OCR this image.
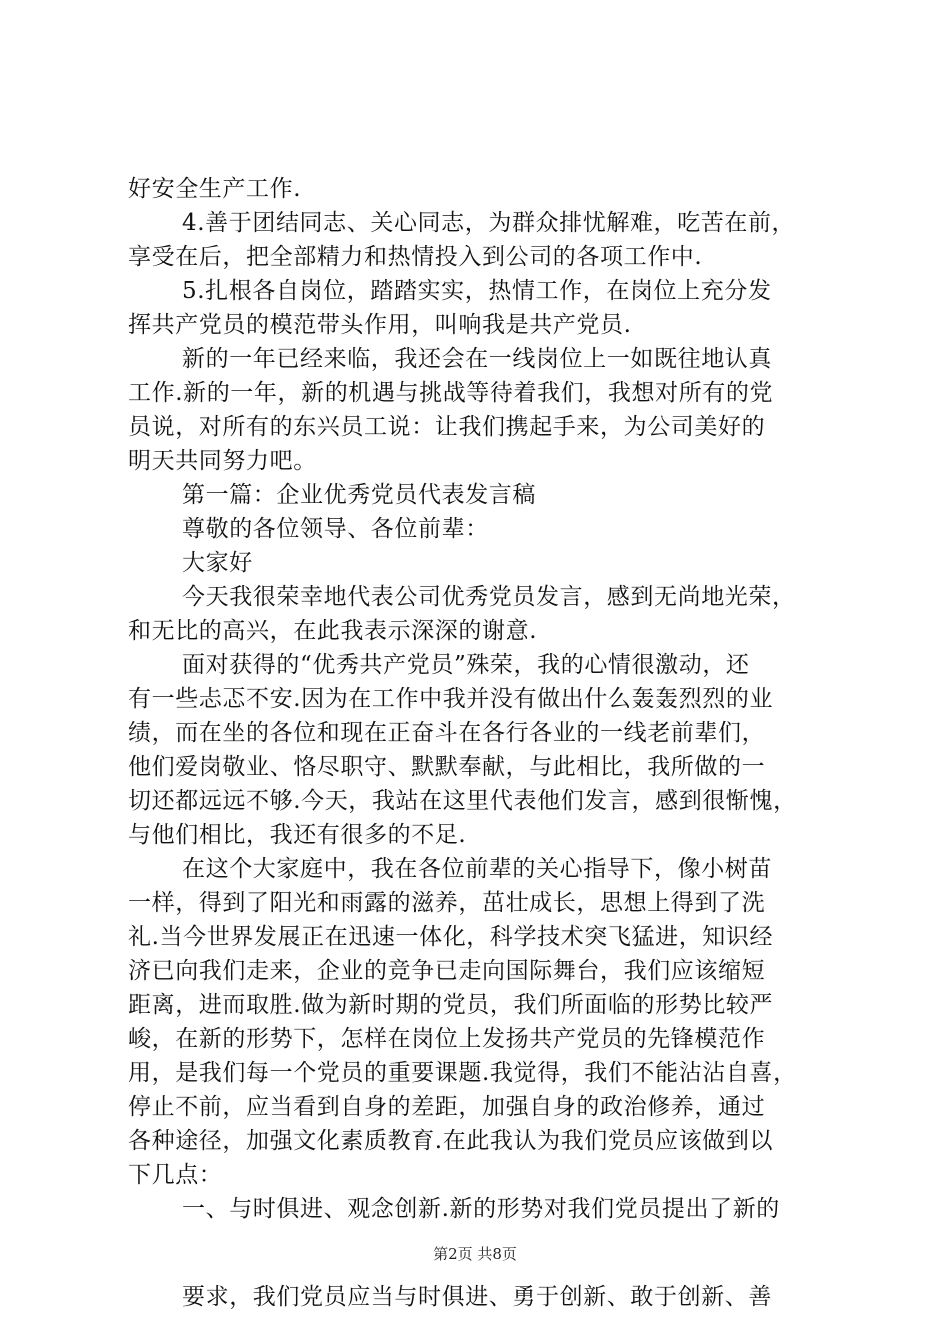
好安全生产工作.
4.善于团结同志、关心同志，为群众排忧解难，吃苦在前，
享受在后，把全部精力和热情投入到公司的各项工作中.
5.扎根各自岗位，踏踏实实，热情工作，在岗位上充分发
挥共产党员的模范带头作用，叫响我是共产党员.
新的一年已经来临，我还会在一线岗位上一如既往地认真
工作.新的一年，新的机遇与挑战等待着我们，我想对所有的党
员说，对所有的东兴员工说：让我们携起手来，为公司美好的
明天共同努力吧。
第一篇：企业优秀党员代表发言稿
尊敬的各位领导、各位前辈：
大家好
今天我很荣幸地代表公司优秀党员发言，感到无尚地光荣，
和无比的高兴，在此我表示深深的谢意.
面对获得的“优秀共产党员”殊荣，我的心情很激动，还
有一些忐忑不安.因为在工作中我并没有做出什么轰轰烈烈的业
绩，而在坐的各位和现在正奋斗在各行各业的一线老前辈们，
他们爱岗敬业、恪尽职守、默默奉献，与此相比，我所做的一
切还都远远不够.今天，我站在这里代表他们发言，感到很惭愧，
与他们相比，我还有很多的不足.
在这个大家庭中，我在各位前辈的关心指导下，像小树苗
一样，得到了阳光和雨露的滋养，茁壮成长，思想上得到了洗
礼.当今世界发展正在迅速一体化，科学技术突飞猛进，知识经
济已向我们走来，企业的竞争已走向国际舞台，我们应该缩短
距离，进而取胜.做为新时期的党员，我们所面临的形势比较严
峻，在新的形势下，怎样在岗位上发扬共产党员的先锋模范作
用，是我们每一个党员的重要课题.我觉得，我们不能沾沾自喜，
停止不前，应当看到自身的差距，加强自身的政治修养，通过
各种途径，加强文化素质教育.在此我认为我们党员应该做到以
下几点：
一、与时俱进、观念创新.新的形势对我们党员提出了新的
要求，我们党员应当与时俱进、勇于创新、敢于创新、善
第2页 共8页
